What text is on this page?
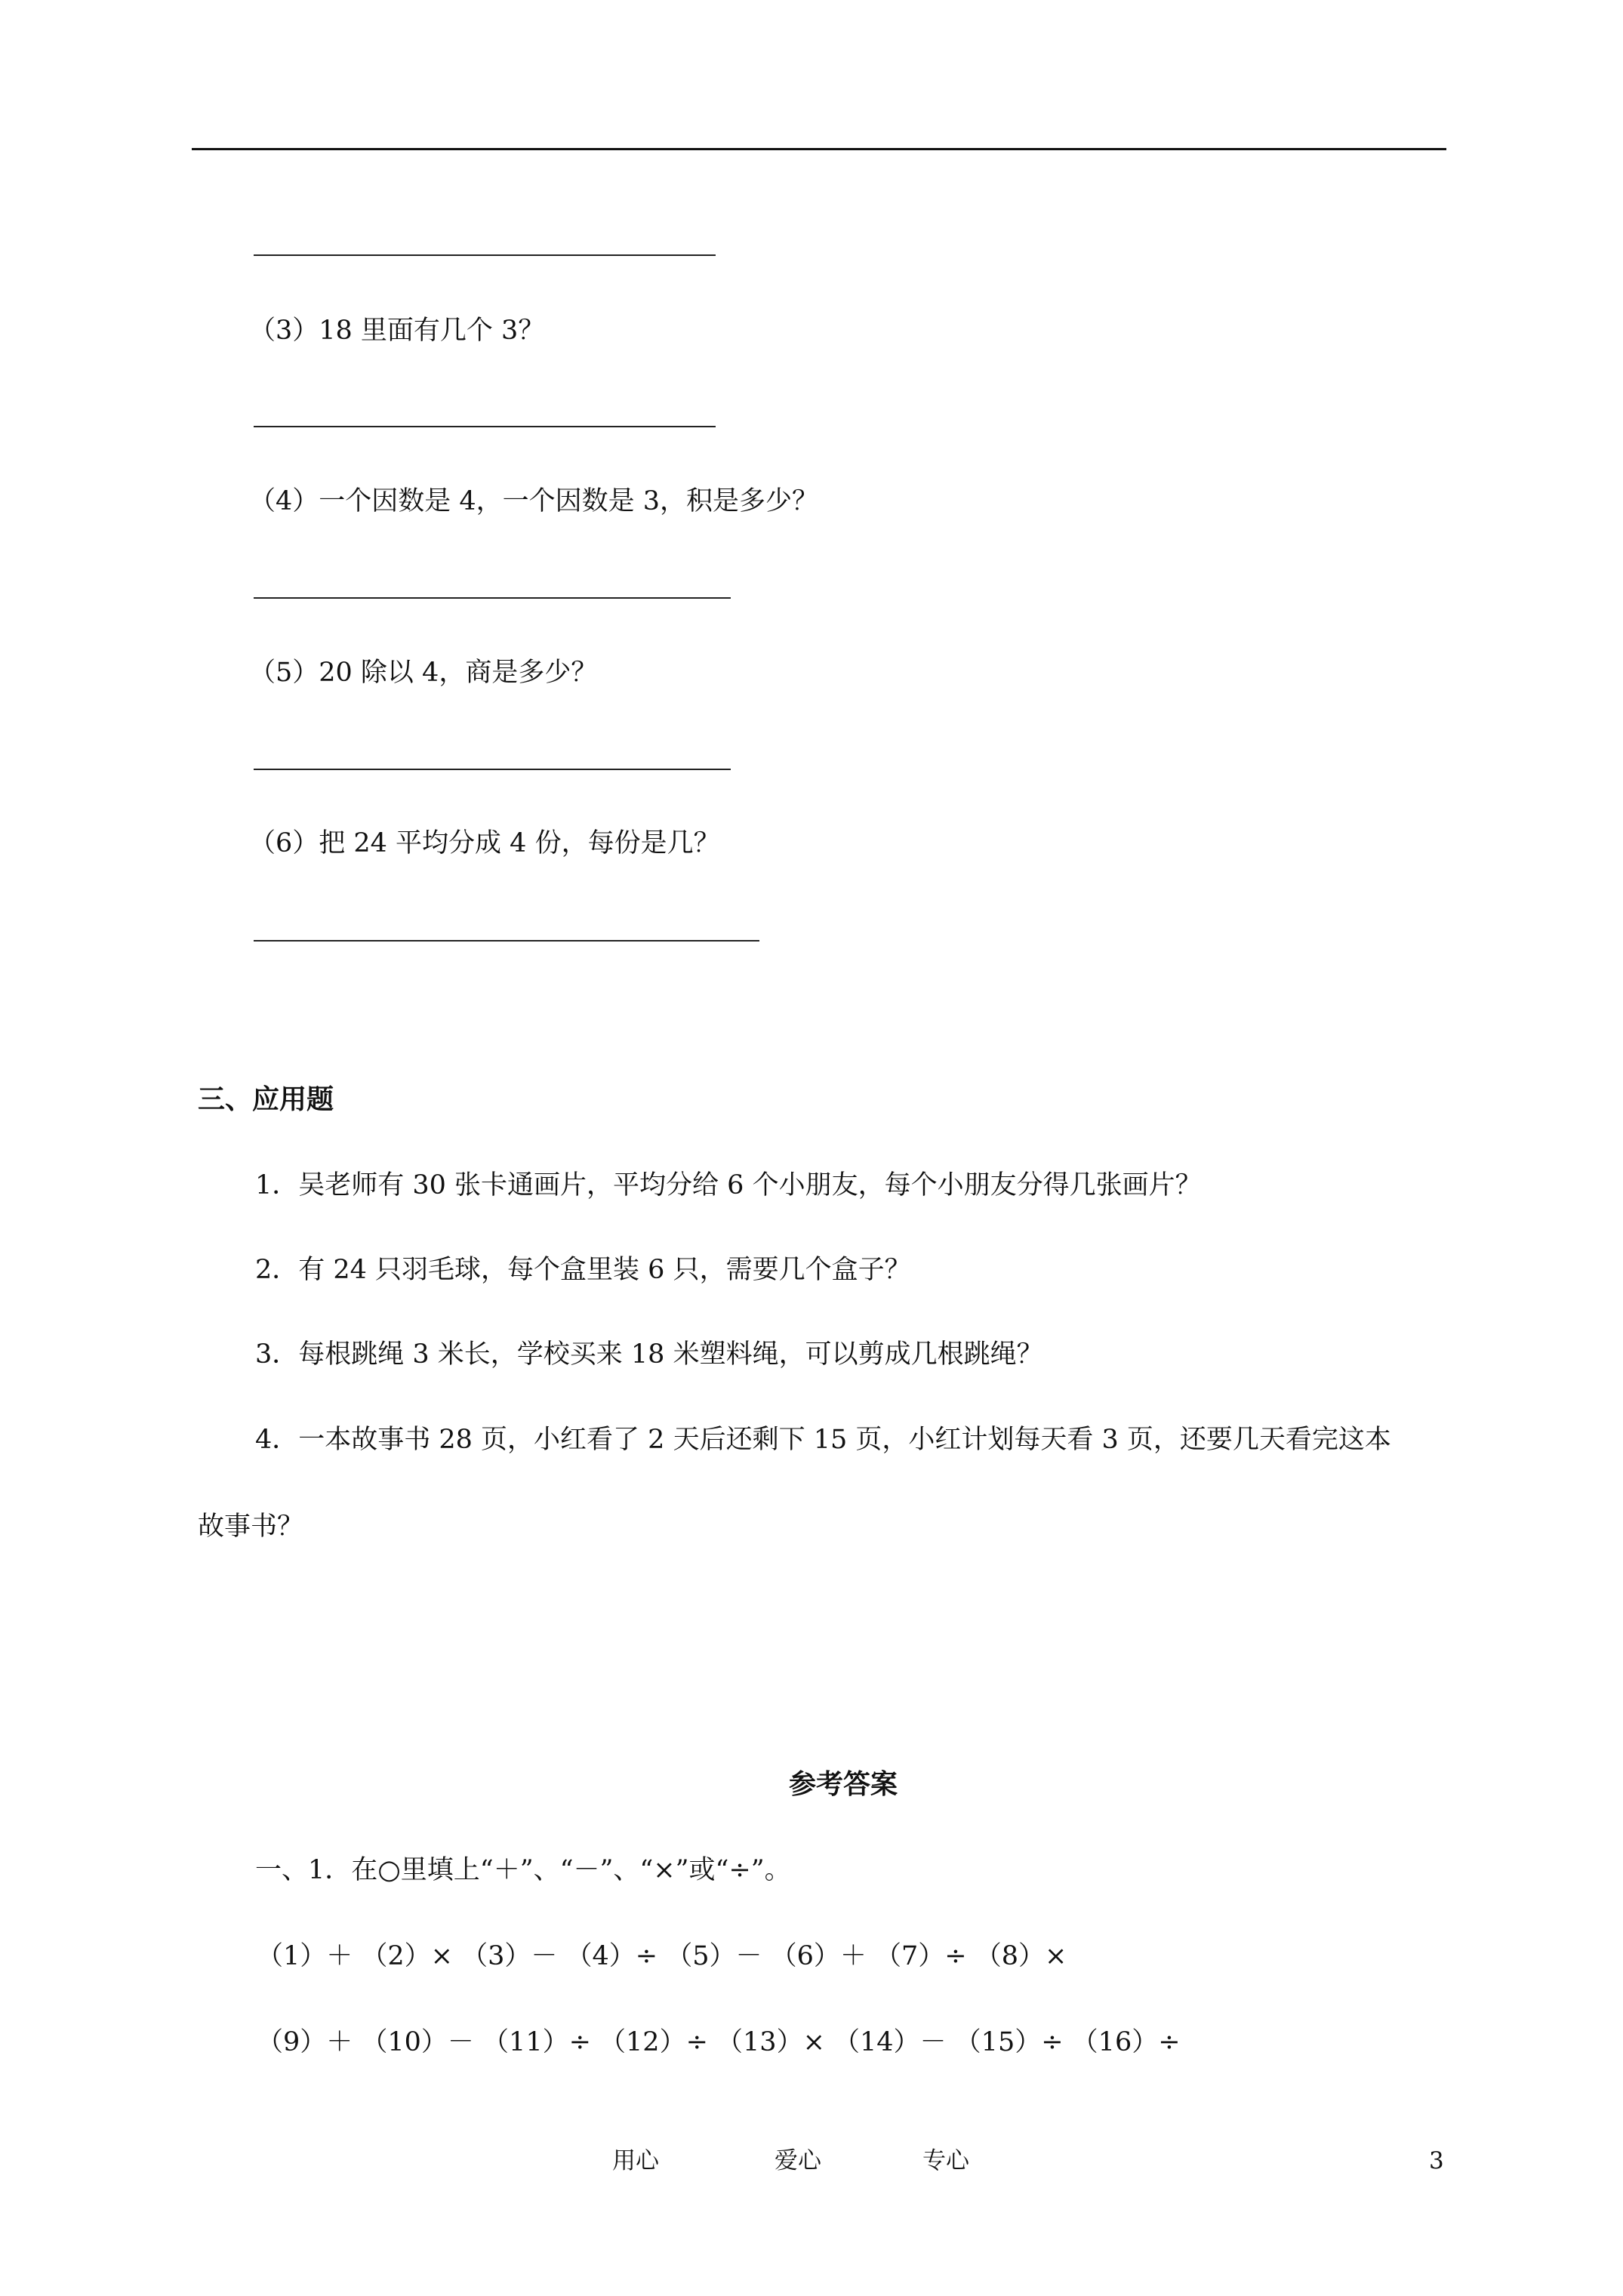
（3）18 里面有几个 3？
（4）一个因数是 4，一个因数是 3，积是多少？
（5）20 除以 4，商是多少？
（6）把 24 平均分成 4 份，每份是几？
三、应用题
1．吴老师有 30 张卡通画片，平均分给 6 个小朋友，每个小朋友分得几张画片？
2．有 24 只羽毛球，每个盒里装 6 只，需要几个盒子？
3．每根跳绳 3 米长，学校买来 18 米塑料绳，可以剪成几根跳绳？
4．一本故事书 28 页，小红看了 2 天后还剩下 15 页，小红计划每天看 3 页，还要几天看完这本
故事书？
参考答案
一、1．在○里填上“＋”、“－”、“×”或“÷”。
（1）＋ （2）× （3）－ （4）÷ （5）－ （6）＋ （7）÷ （8）×
（9）＋ （10）－ （11）÷ （12）÷ （13）× （14）－ （15）÷ （16）÷
用心	爱心	专心	3
